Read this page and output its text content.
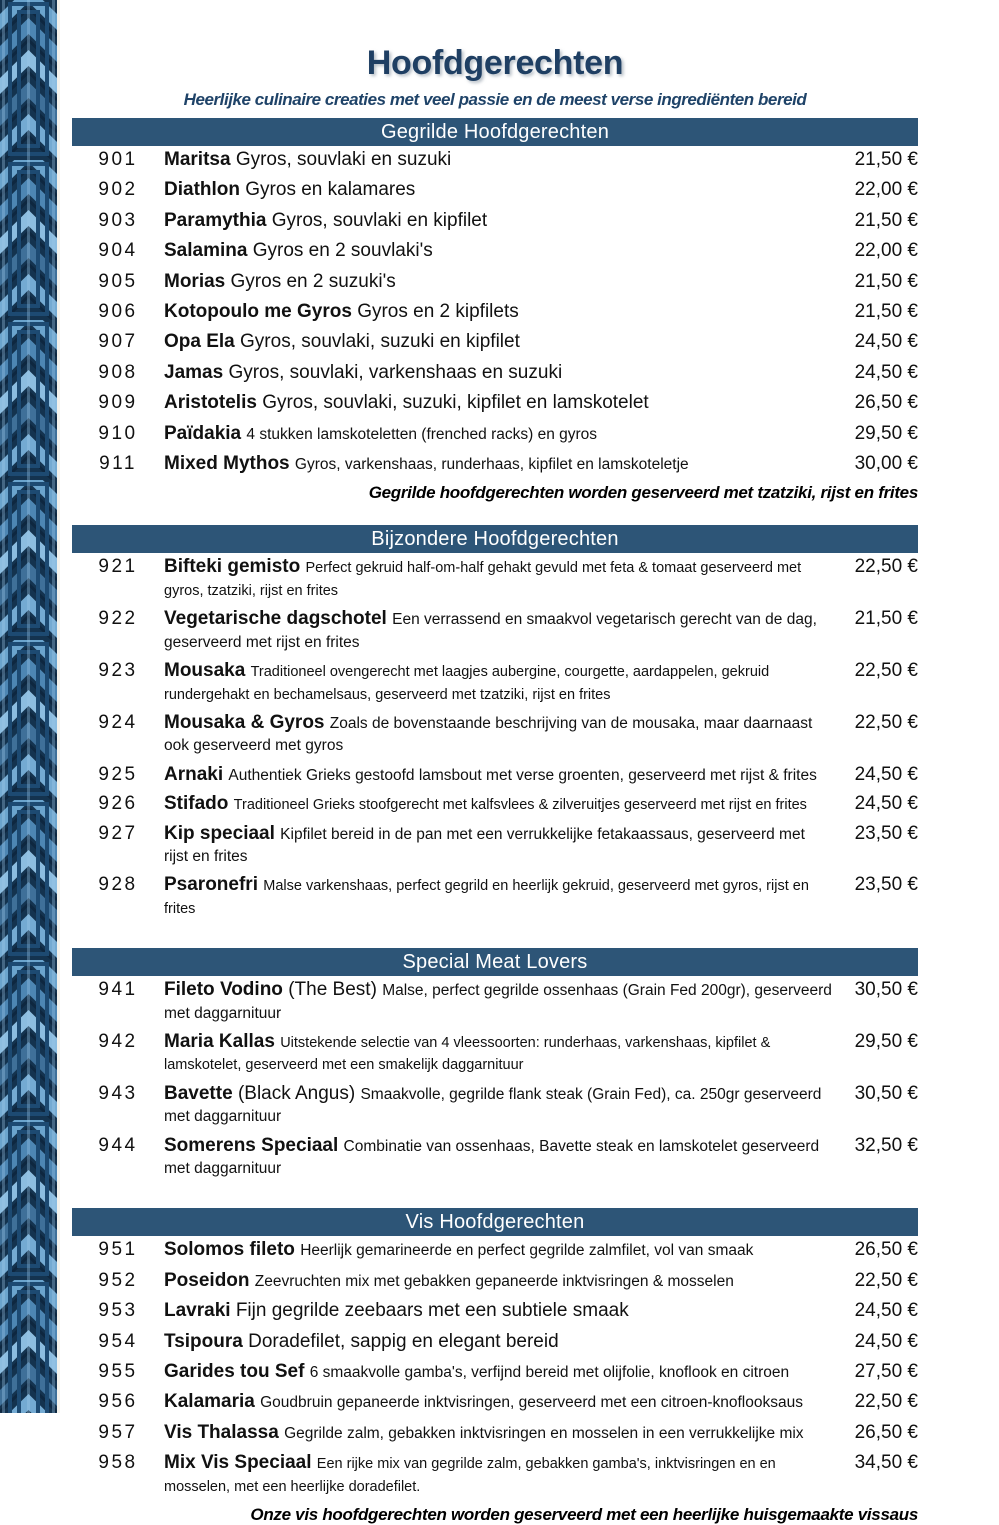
Hoofdgerechten
Heerlijke culinaire creaties met veel passie en de meest verse ingrediënten bereid
Gegrilde Hoofdgerechten
901	Maritsa Gyros, souvlaki en suzuki	21,50 €
902	Diathlon Gyros en kalamares	22,00 €
903	Paramythia Gyros, souvlaki en kipfilet	21,50 €
904	Salamina Gyros en 2 souvlaki's	22,00 €
905	Morias Gyros en 2 suzuki's	21,50 €
906	Kotopoulo me Gyros Gyros en 2 kipfilets	21,50 €
907	Opa Ela Gyros, souvlaki, suzuki en kipfilet	24,50 €
908	Jamas Gyros, souvlaki, varkenshaas en suzuki	24,50 €
909	Aristotelis Gyros, souvlaki, suzuki, kipfilet en lamskotelet	26,50 €
910	Païdakia 4 stukken lamskoteletten (frenched racks) en gyros	29,50 €
911	Mixed Mythos Gyros, varkenshaas, runderhaas, kipfilet en lamskoteletje	30,00 €
Gegrilde hoofdgerechten worden geserveerd met tzatziki, rijst en frites		
Bijzondere Hoofdgerechten
921	Bifteki gemisto Perfect gekruid half-om-half gehakt gevuld met feta & tomaat geserveerd met gyros, tzatziki, rijst en frites	22,50 €
922	Vegetarische dagschotel Een verrassend en smaakvol vegetarisch gerecht van de dag, geserveerd met rijst en frites	21,50 €
923	Mousaka Traditioneel ovengerecht met laagjes aubergine, courgette, aardappelen, gekruid rundergehakt en bechamelsaus, geserveerd met tzatziki, rijst en frites	22,50 €
924	Mousaka & Gyros Zoals de bovenstaande beschrijving van de mousaka, maar daarnaast ook geserveerd met gyros	22,50 €
925	Arnaki Authentiek Grieks gestoofd lamsbout met verse groenten, geserveerd met rijst & frites	24,50 €
926	Stifado Traditioneel Grieks stoofgerecht met kalfsvlees & zilveruitjes geserveerd met rijst en frites	24,50 €
927	Kip speciaal Kipfilet bereid in de pan met een verrukkelijke fetakaassaus, geserveerd met rijst en frites	23,50 €
928	Psaronefri Malse varkenshaas, perfect gegrild en heerlijk gekruid, geserveerd met gyros, rijst en frites	23,50 €
Special Meat Lovers
941	Fileto Vodino (The Best) Malse, perfect gegrilde ossenhaas (Grain Fed 200gr), geserveerd met daggarnituur	30,50 €
942	Maria Kallas Uitstekende selectie van 4 vleessoorten: runderhaas, varkenshaas, kipfilet & lamskotelet, geserveerd met een smakelijk daggarnituur	29,50 €
943	Bavette (Black Angus) Smaakvolle, gegrilde flank steak (Grain Fed), ca. 250gr geserveerd met daggarnituur	30,50 €
944	Somerens Speciaal Combinatie van ossenhaas, Bavette steak en lamskotelet geserveerd met daggarnituur	32,50 €
Vis Hoofdgerechten
951	Solomos fileto Heerlijk gemarineerde en perfect gegrilde zalmfilet, vol van smaak	26,50 €
952	Poseidon Zeevruchten mix met gebakken gepaneerde inktvisringen & mosselen	22,50 €
953	Lavraki Fijn gegrilde zeebaars met een subtiele smaak	24,50 €
954	Tsipoura Doradefilet, sappig en elegant bereid	24,50 €
955	Garides tou Sef 6 smaakvolle gamba's, verfijnd bereid met olijfolie, knoflook en citroen	27,50 €
956	Kalamaria Goudbruin gepaneerde inktvisringen, geserveerd met een citroen-knoflooksaus	22,50 €
957	Vis Thalassa Gegrilde zalm, gebakken inktvisringen en mosselen in een verrukkelijke mix	26,50 €
958	Mix Vis Speciaal Een rijke mix van gegrilde zalm, gebakken gamba's, inktvisringen en en mosselen, met een heerlijke doradefilet.	34,50 €
Onze vis hoofdgerechten worden geserveerd met een heerlijke huisgemaakte vissaus		
